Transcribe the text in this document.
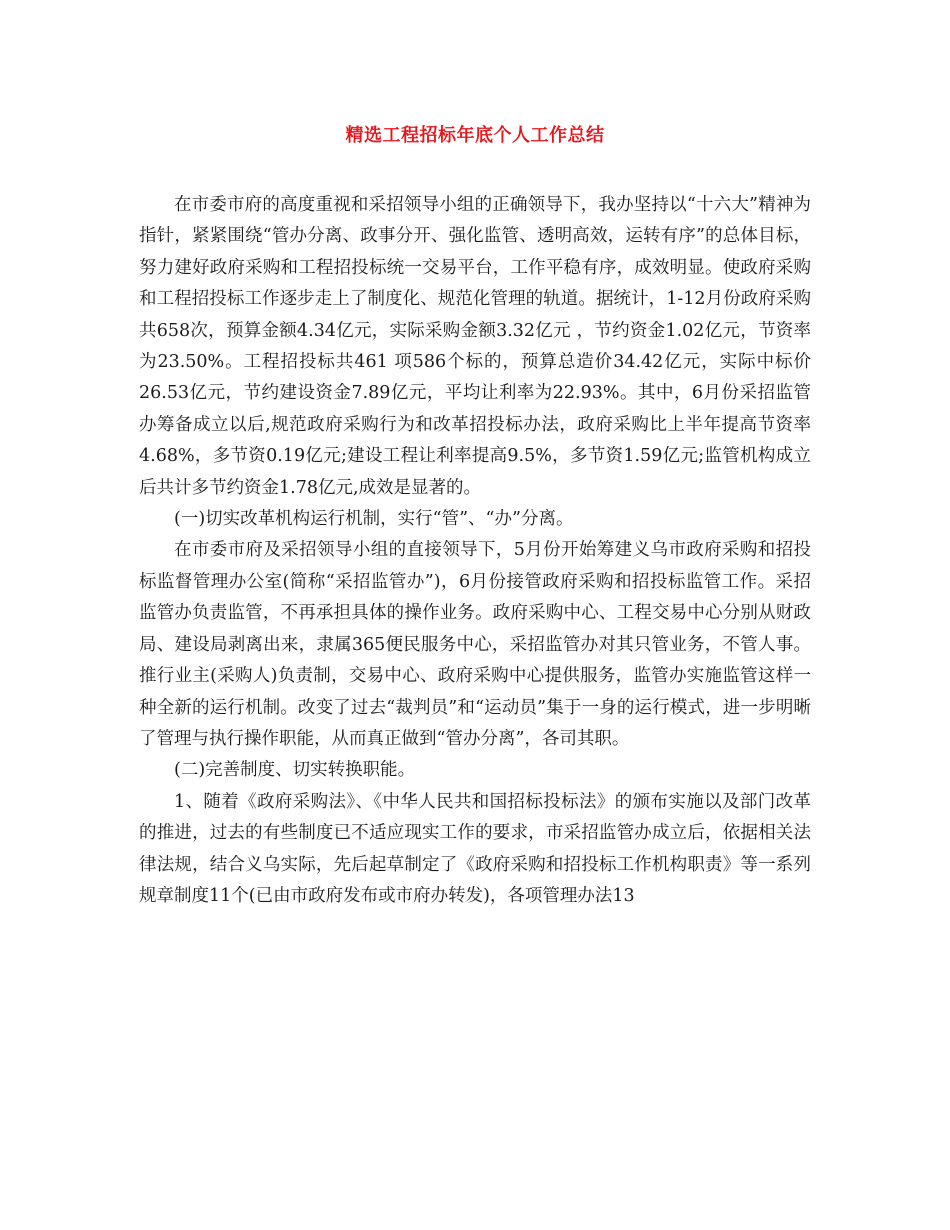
精选工程招标年底个人工作总结

在市委市府的高度重视和采招领导小组的正确领导下，我办坚持以“十六大”精神为指针，紧紧围绕“管办分离、政事分开、强化监管、透明高效，运转有序”的总体目标，努力建好政府采购和工程招投标统一交易平台，工作平稳有序，成效明显。使政府采购和工程招投标工作逐步走上了制度化、规范化管理的轨道。据统计，1-12月份政府采购共658次，预算金额4.34亿元，实际采购金额3.32亿元 ，节约资金1.02亿元，节资率为23.50%。工程招投标共461 项586个标的，预算总造价34.42亿元，实际中标价26.53亿元，节约建设资金7.89亿元，平均让利率为22.93%。其中，6月份采招监管办筹备成立以后,规范政府采购行为和改革招投标办法，政府采购比上半年提高节资率4.68%，多节资0.19亿元;建设工程让利率提高9.5%，多节资1.59亿元;监管机构成立后共计多节约资金1.78亿元,成效是显著的。

(一)切实改革机构运行机制，实行“管”、“办”分离。

在市委市府及采招领导小组的直接领导下，5月份开始筹建义乌市政府采购和招投标监督管理办公室(简称“采招监管办”)，6月份接管政府采购和招投标监管工作。采招监管办负责监管，不再承担具体的操作业务。政府采购中心、工程交易中心分别从财政局、建设局剥离出来，隶属365便民服务中心，采招监管办对其只管业务，不管人事。推行业主(采购人)负责制，交易中心、政府采购中心提供服务，监管办实施监管这样一种全新的运行机制。改变了过去“裁判员”和“运动员”集于一身的运行模式，进一步明晰了管理与执行操作职能，从而真正做到“管办分离”，各司其职。

(二)完善制度、切实转换职能。

1、随着《政府采购法》、《中华人民共和国招标投标法》的颁布实施以及部门改革的推进，过去的有些制度已不适应现实工作的要求，市采招监管办成立后，依据相关法律法规，结合义乌实际，先后起草制定了《政府采购和招投标工作机构职责》等一系列规章制度11个(已由市政府发布或市府办转发)，各项管理办法13
